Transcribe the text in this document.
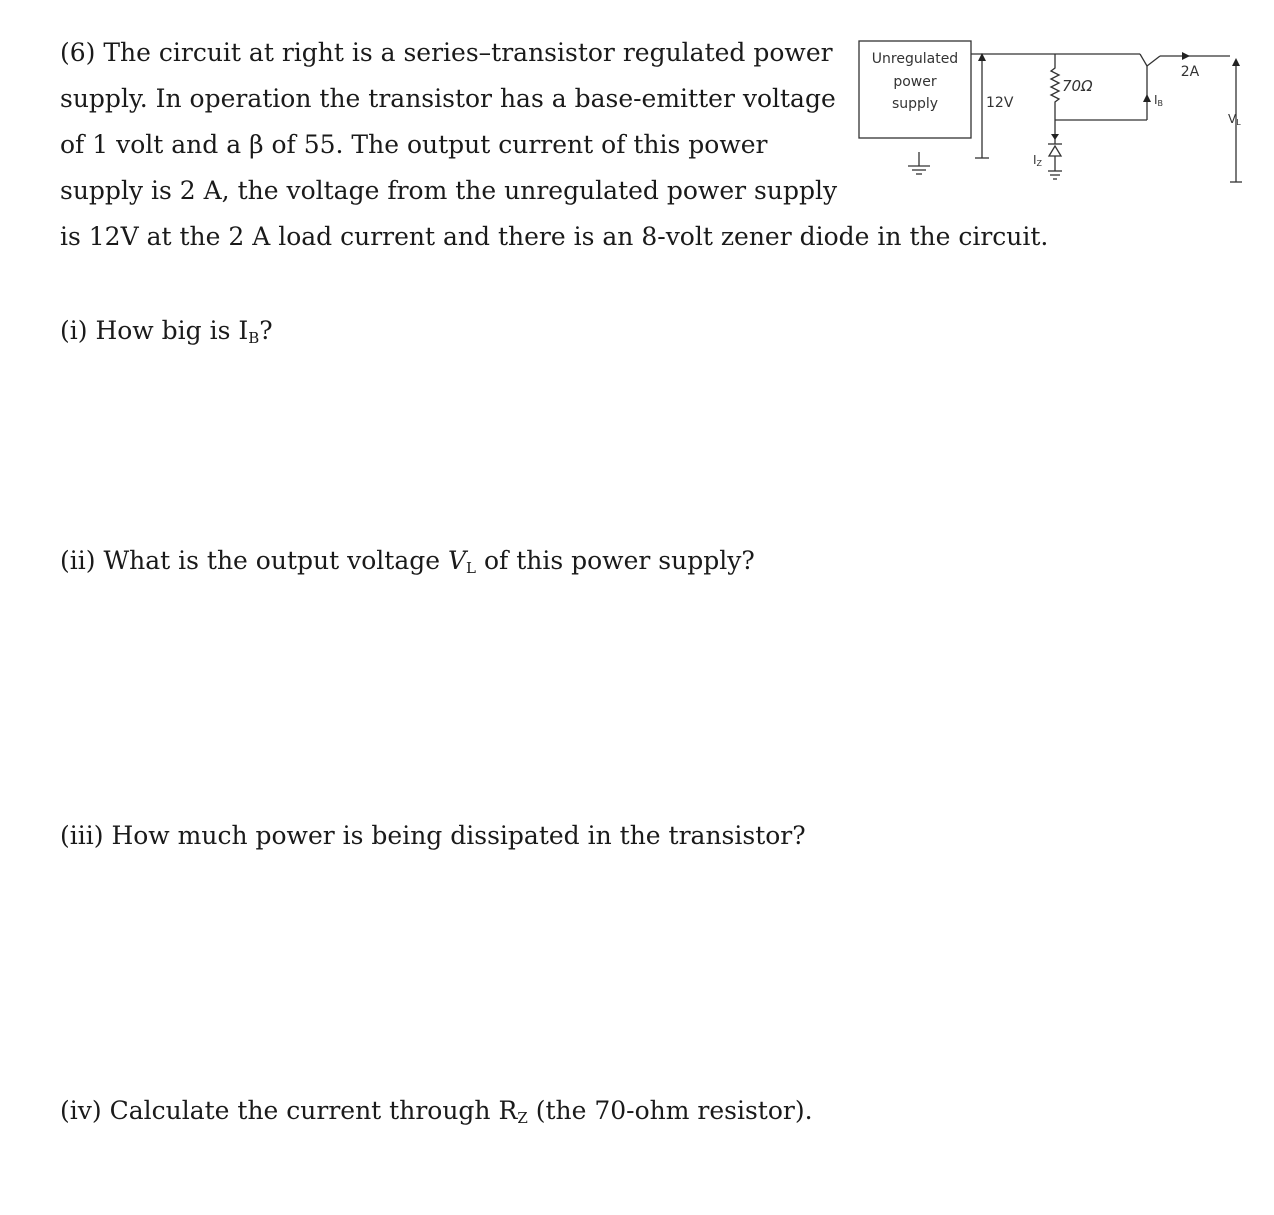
(6) The circuit at right is a series–transistor regulated power
supply. In operation the transistor has a base-emitter voltage
of 1 volt and a β of 55. The output current of this power
supply is 2 A, the voltage from the unregulated power supply
is 12V at the 2 A load current and there is an 8-volt zener diode in the circuit.
(i) How big is $I_B$?
(ii) What is the output voltage $V_L$ of this power supply?
(iii) How much power is being dissipated in the transistor?
(iv) Calculate the current through $R_Z$ (the 70-ohm resistor).
Unregulated
power
supply	12V
70Ω
IZ
IB
2A
VL
